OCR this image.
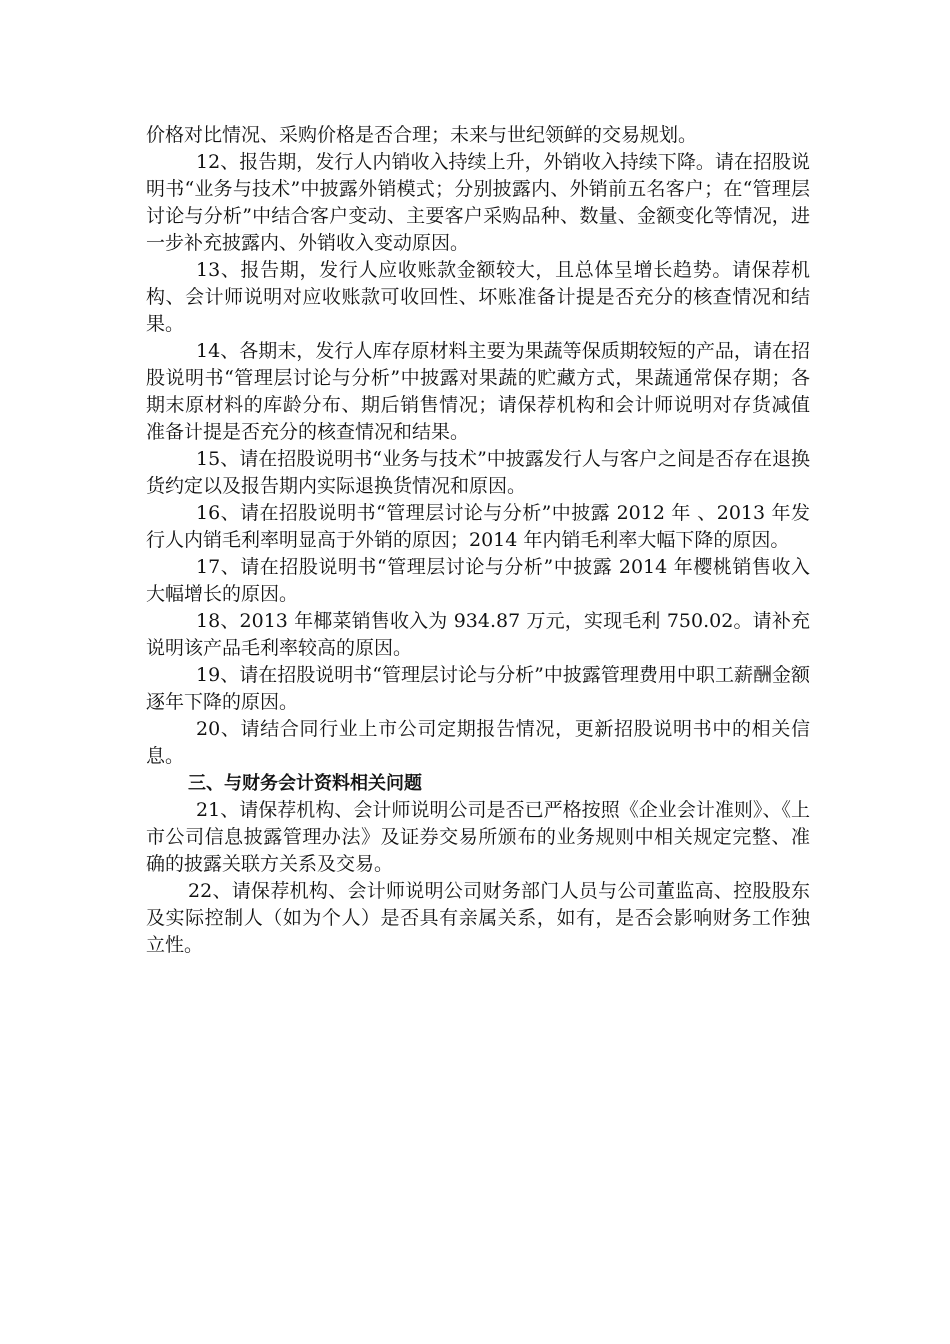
价格对比情况、采购价格是否合理；未来与世纪领鲜的交易规划。

12、报告期，发行人内销收入持续上升，外销收入持续下降。请在招股说明书“业务与技术”中披露外销模式；分别披露内、外销前五名客户；在“管理层讨论与分析”中结合客户变动、主要客户采购品种、数量、金额变化等情况，进一步补充披露内、外销收入变动原因。

13、报告期，发行人应收账款金额较大，且总体呈增长趋势。请保荐机构、会计师说明对应收账款可收回性、坏账准备计提是否充分的核查情况和结果。

14、各期末，发行人库存原材料主要为果蔬等保质期较短的产品，请在招股说明书“管理层讨论与分析”中披露对果蔬的贮藏方式，果蔬通常保存期；各期末原材料的库龄分布、期后销售情况；请保荐机构和会计师说明对存货减值准备计提是否充分的核查情况和结果。

15、请在招股说明书“业务与技术”中披露发行人与客户之间是否存在退换货约定以及报告期内实际退换货情况和原因。

16、请在招股说明书“管理层讨论与分析”中披露 2012 年 、2013 年发行人内销毛利率明显高于外销的原因；2014 年内销毛利率大幅下降的原因。

17、请在招股说明书“管理层讨论与分析”中披露 2014 年樱桃销售收入大幅增长的原因。

18、2013 年椰菜销售收入为 934.87 万元，实现毛利 750.02。请补充说明该产品毛利率较高的原因。

19、请在招股说明书“管理层讨论与分析”中披露管理费用中职工薪酬金额逐年下降的原因。

20、请结合同行业上市公司定期报告情况，更新招股说明书中的相关信息。

三、与财务会计资料相关问题

21、请保荐机构、会计师说明公司是否已严格按照《企业会计准则》、《上市公司信息披露管理办法》及证券交易所颁布的业务规则中相关规定完整、准确的披露关联方关系及交易。

22、请保荐机构、会计师说明公司财务部门人员与公司董监高、控股股东及实际控制人（如为个人）是否具有亲属关系，如有，是否会影响财务工作独立性。
